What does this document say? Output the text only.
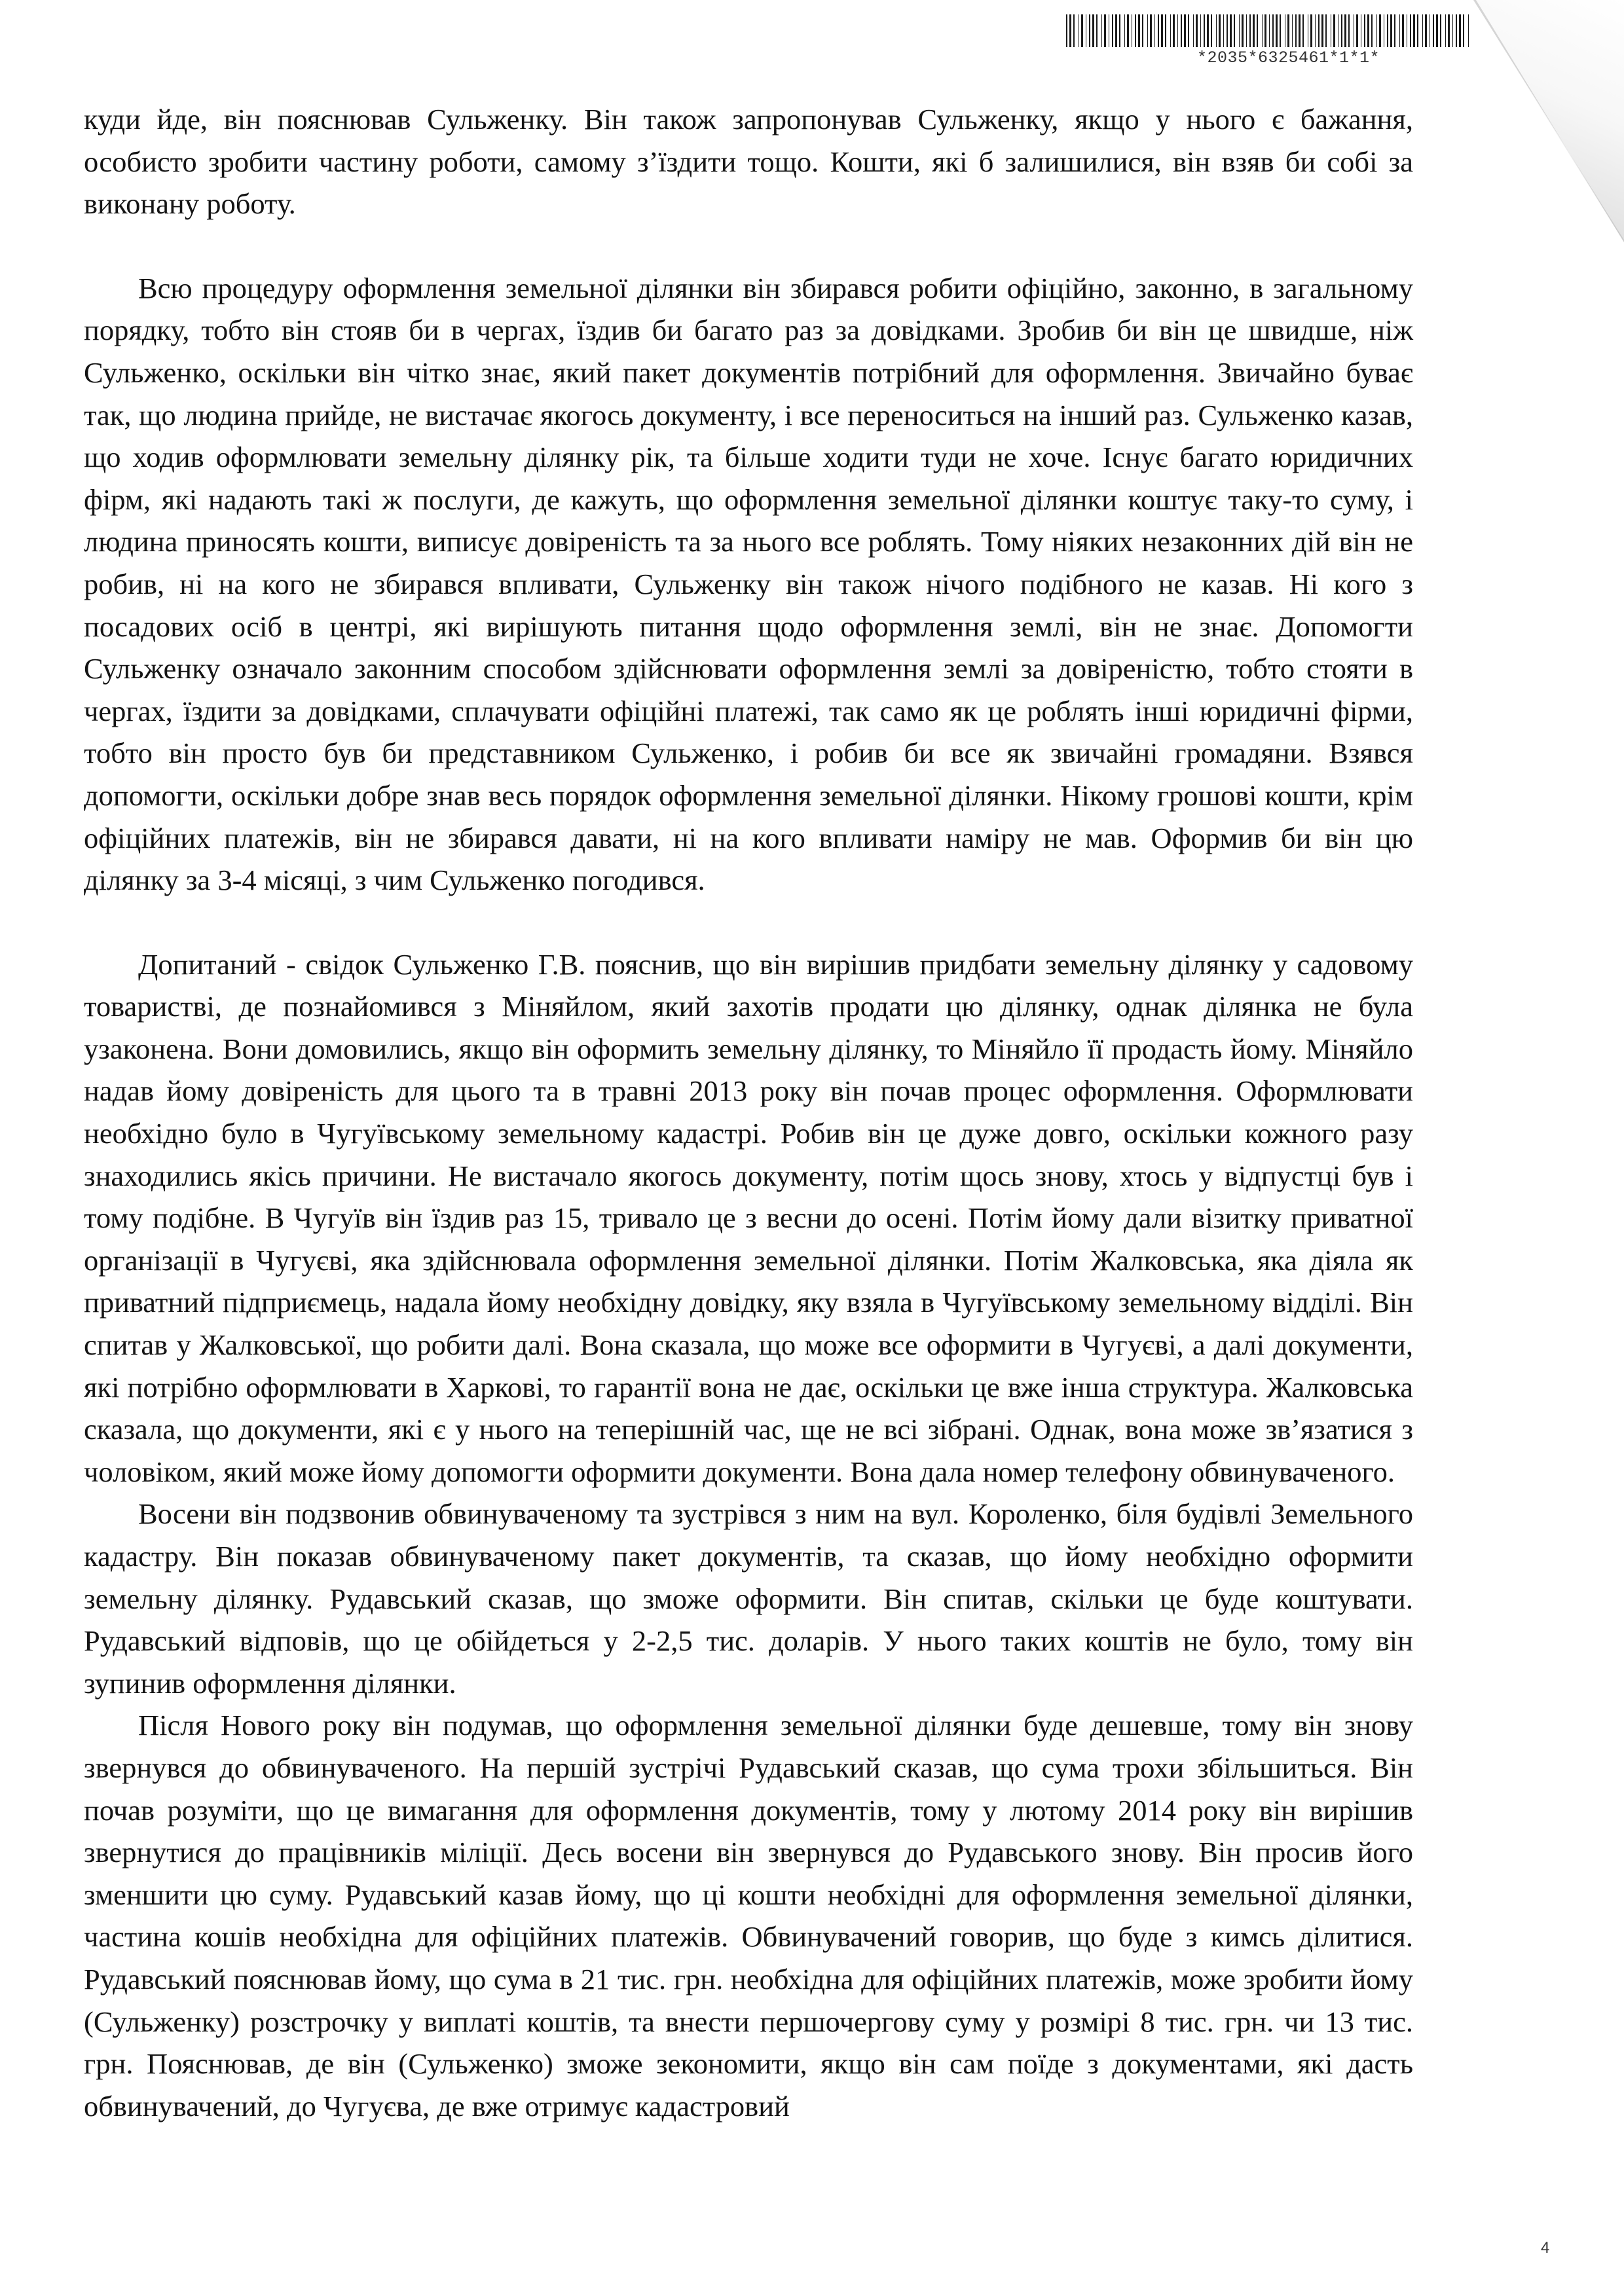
*2035*6325461*1*1*

куди йде, він пояснював Сульженку. Він також запропонував Сульженку, якщо у нього є бажання, особисто зробити частину роботи, самому з’їздити тощо. Кошти, які б залишилися, він взяв би собі за виконану роботу.

Всю процедуру оформлення земельної ділянки він збирався робити офіційно, законно, в загальному порядку, тобто він стояв би в чергах, їздив би багато раз за довідками. Зробив би він це швидше, ніж Сульженко, оскільки він чітко знає, який пакет документів потрібний для оформлення. Звичайно буває так, що людина прийде, не вистачає якогось документу, і все переноситься на інший раз. Сульженко казав, що ходив оформлювати земельну ділянку рік, та більше ходити туди не хоче. Існує багато юридичних фірм, які надають такі ж послуги, де кажуть, що оформлення земельної ділянки коштує таку-то суму, і людина приносять кошти, виписує довіреність та за нього все роблять. Тому ніяких незаконних дій він не робив, ні на кого не збирався впливати, Сульженку він також нічого подібного не казав. Ні кого з посадових осіб в центрі, які вирішують питання щодо оформлення землі, він не знає. Допомогти Сульженку означало законним способом здійснювати оформлення землі за довіреністю, тобто стояти в чергах, їздити за довідками, сплачувати офіційні платежі, так само як це роблять інші юридичні фірми, тобто він просто був би представником Сульженко, і робив би все як звичайні громадяни. Взявся допомогти, оскільки добре знав весь порядок оформлення земельної ділянки. Нікому грошові кошти, крім офіційних платежів, він не збирався давати, ні на кого впливати наміру не мав. Оформив би він цю ділянку за 3-4 місяці, з чим Сульженко погодився.

Допитаний - свідок Сульженко Г.В. пояснив, що він вирішив придбати земельну ділянку у садовому товаристві, де познайомився з Міняйлом, який захотів продати цю ділянку, однак ділянка не була узаконена. Вони домовились, якщо він оформить земельну ділянку, то Міняйло її продасть йому. Міняйло надав йому довіреність для цього та в травні 2013 року він почав процес оформлення. Оформлювати необхідно було в Чугуївському земельному кадастрі. Робив він це дуже довго, оскільки кожного разу знаходились якісь причини. Не вистачало якогось документу, потім щось знову, хтось у відпустці був і тому подібне. В Чугуїв він їздив раз 15, тривало це з весни до осені. Потім йому дали візитку приватної організації в Чугуєві, яка здійснювала оформлення земельної ділянки. Потім Жалковська, яка діяла як приватний підприємець, надала йому необхідну довідку, яку взяла в Чугуївському земельному відділі. Він спитав у Жалковської, що робити далі. Вона сказала, що може все оформити в Чугуєві, а далі документи, які потрібно оформлювати в Харкові, то гарантії вона не дає, оскільки це вже інша структура. Жалковська сказала, що документи, які є у нього на теперішній час, ще не всі зібрані. Однак, вона може зв’язатися з чоловіком, який може йому допомогти оформити документи. Вона дала номер телефону обвинуваченого.

Восени він подзвонив обвинуваченому та зустрівся з ним на вул. Короленко, біля будівлі Земельного кадастру. Він показав обвинуваченому пакет документів, та сказав, що йому необхідно оформити земельну ділянку. Рудавський сказав, що зможе оформити. Він спитав, скільки це буде коштувати. Рудавський відповів, що це обійдеться у 2-2,5 тис. доларів. У нього таких коштів не було, тому він зупинив оформлення ділянки.

Після Нового року він подумав, що оформлення земельної ділянки буде дешевше, тому він знову звернувся до обвинуваченого. На першій зустрічі Рудавський сказав, що сума трохи збільшиться. Він почав розуміти, що це вимагання для оформлення документів, тому у лютому 2014 року він вирішив звернутися до працівників міліції. Десь восени він звернувся до Рудавського знову. Він просив його зменшити цю суму. Рудавський казав йому, що ці кошти необхідні для оформлення земельної ділянки, частина кошів необхідна для офіційних платежів. Обвинувачений говорив, що буде з кимсь ділитися. Рудавський пояснював йому, що сума в 21 тис. грн. необхідна для офіційних платежів, може зробити йому (Сульженку) розстрочку у виплаті коштів, та внести першочергову суму у розмірі 8 тис. грн. чи 13 тис. грн. Пояснював, де він (Сульженко) зможе зекономити, якщо він сам поїде з документами, які дасть обвинувачений, до Чугуєва, де вже отримує кадастровий

4
